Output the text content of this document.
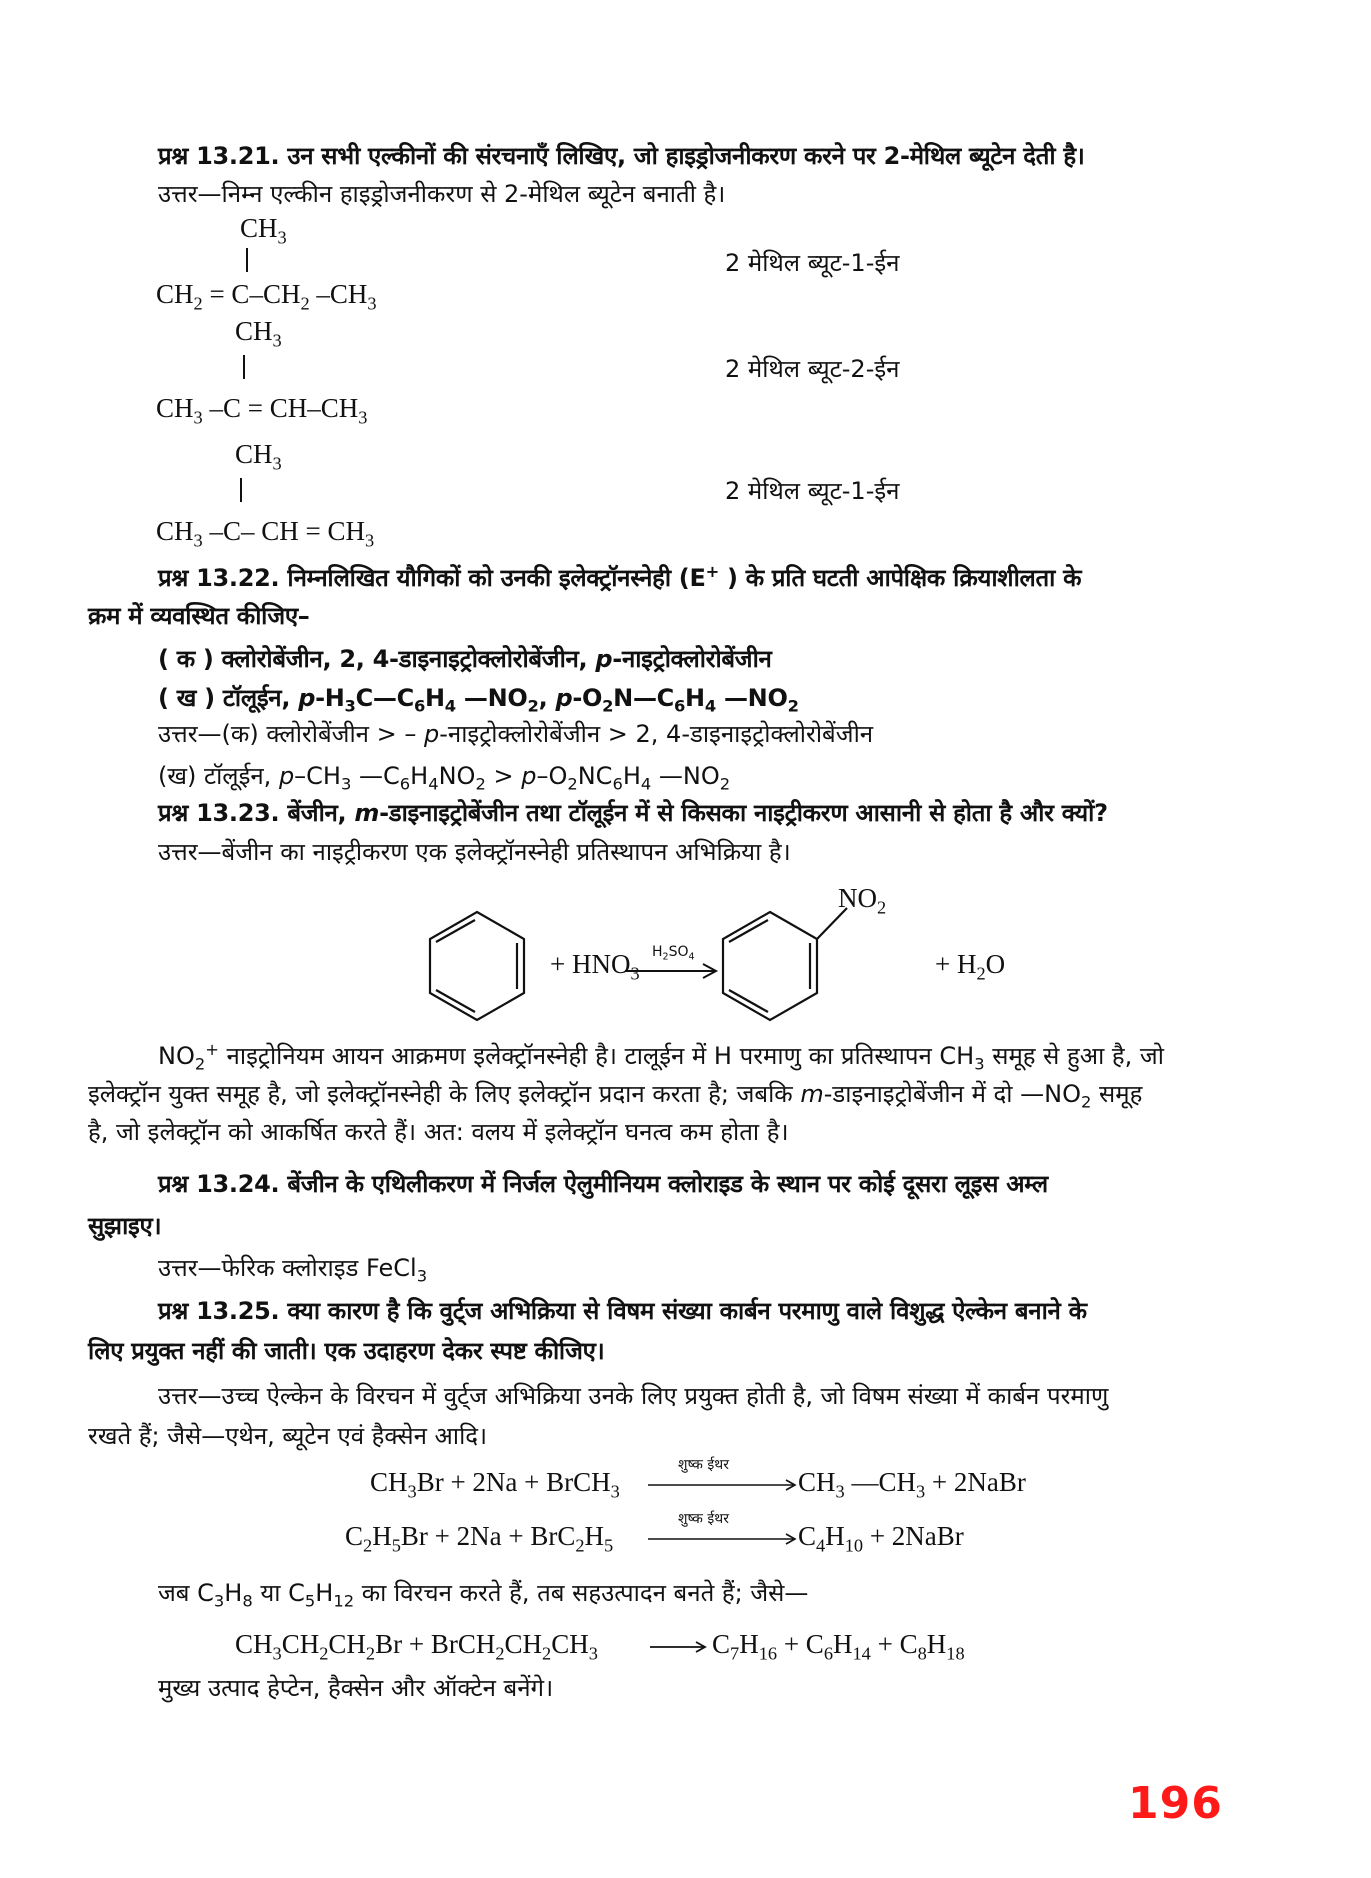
प्रश्न 13.21. उन सभी एल्कीनों की संरचनाएँ लिखिए, जो हाइड्रोजनीकरण करने पर 2-मेथिल ब्यूटेन देती है।
उत्तर—निम्न एल्कीन हाइड्रोजनीकरण से 2-मेथिल ब्यूटेन बनाती है।
$CH_3$
$CH_2 = C-CH_2$ $-CH_3$
2 मेथिल ब्यूट-1-ईन
$CH_3$
$CH_3$ $-C = CH-CH_3$
2 मेथिल ब्यूट-2-ईन
$CH_3$
$CH_3$ –C– CH = $CH_3$
2 मेथिल ब्यूट-1-ईन
प्रश्न 13.22. निम्नलिखित यौगिकों को उनकी इलेक्ट्रॉनस्नेही (E+ ) के प्रति घटती आपेक्षिक क्रियाशीलता के
क्रम में व्यवस्थित कीजिए–
( क ) क्लोरोबेंजीन, 2, 4-डाइनाइट्रोक्लोरोबेंजीन, p-नाइट्रोक्लोरोबेंजीन
( ख ) टॉलूईन, $p-H_3C—C_6H_4$ $—NO_2$, $p-O_2N—C_6H_4$ $—NO_2$
उत्तर—(क) क्लोरोबेंजीन > – p-नाइट्रोक्लोरोबेंजीन > 2, 4-डाइनाइट्रोक्लोरोबेंजीन
(ख) टॉलूईन, $p-CH_3$ $—C_6H_4NO_2 > p-O_2NC_6H_4$ $—NO_2$
प्रश्न 13.23. बेंजीन, m-डाइनाइट्रोबेंजीन तथा टॉलूईन में से किसका नाइट्रीकरण आसानी से होता है और क्यों?
उत्तर—बेंजीन का नाइट्रीकरण एक इलेक्ट्रॉनस्नेही प्रतिस्थापन अभिक्रिया है।
+ $HNO_3$
$H_2SO_4$
$NO_2$
+ $H_2O$
$NO_2^+$ नाइट्रोनियम आयन आक्रमण इलेक्ट्रॉनस्नेही है। टालूईन में H परमाणु का प्रतिस्थापन $CH_3$ समूह से हुआ है, जो
इलेक्ट्रॉन युक्त समूह है, जो इलेक्ट्रॉनस्नेही के लिए इलेक्ट्रॉन प्रदान करता है; जबकि m-डाइनाइट्रोबेंजीन में दो $—NO_2$ समूह
है, जो इलेक्ट्रॉन को आकर्षित करते हैं। अत: वलय में इलेक्ट्रॉन घनत्व कम होता है।
प्रश्न 13.24. बेंजीन के एथिलीकरण में निर्जल ऐलुमीनियम क्लोराइड के स्थान पर कोई दूसरा लूइस अम्ल
सुझाइए।
उत्तर—फेरिक क्लोराइड FeCl$_3$
प्रश्न 13.25. क्या कारण है कि वुर्ट्ज अभिक्रिया से विषम संख्या कार्बन परमाणु वाले विशुद्ध ऐल्केन बनाने के
लिए प्रयुक्त नहीं की जाती। एक उदाहरण देकर स्पष्ट कीजिए।
उत्तर—उच्च ऐल्केन के विरचन में वुर्ट्ज अभिक्रिया उनके लिए प्रयुक्त होती है, जो विषम संख्या में कार्बन परमाणु
रखते हैं; जैसे—एथेन, ब्यूटेन एवं हैक्सेन आदि।
$CH_3Br + 2Na$ + BrCH$_3$
शुष्क ईथर
$CH_3$ $—CH_3$ + 2NaBr
$C_2H_5Br + 2Na + BrC_2H_5$
शुष्क ईथर
$C_4H_{10}$ + 2NaBr
जब $C_3H_8$ या $C_5H_{12}$ का विरचन करते हैं, तब सहउत्पादन बनते हैं; जैसे—
$CH_3CH_2CH_2Br$ + $BrCH_2CH_2CH_3$	→ $C_7H_{16} + C_6H_{14} + C_8H_{18}$
मुख्य उत्पाद हेप्टेन, हैक्सेन और ऑक्टेन बनेंगे।
196
